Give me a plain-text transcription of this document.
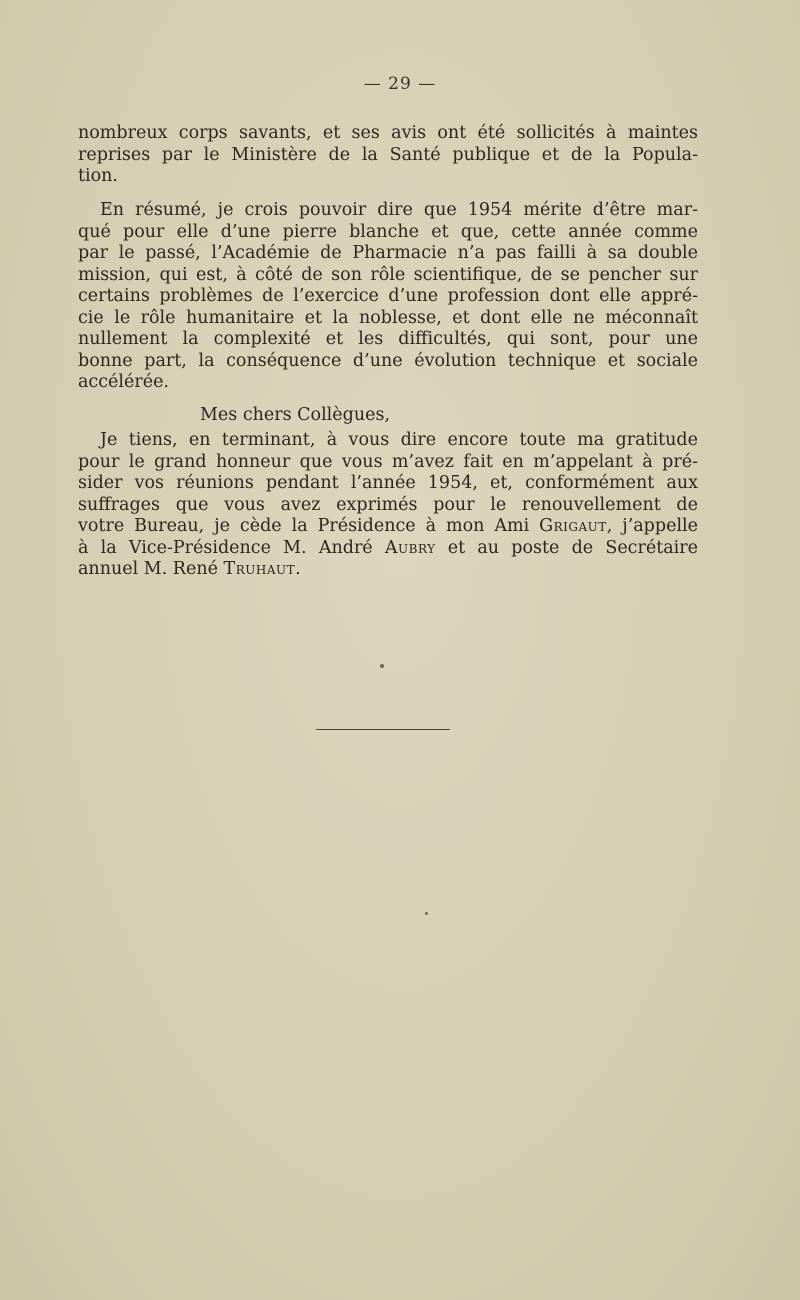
— 29 —
nombreux corps savants, et ses avis ont été sollicités à maintes
reprises par le Ministère de la Santé publique et de la Popula-
tion.
En résumé, je crois pouvoir dire que 1954 mérite d’être mar-
qué pour elle d’une pierre blanche et que, cette année comme
par le passé, l’Académie de Pharmacie n’a pas failli à sa double
mission, qui est, à côté de son rôle scientifique, de se pencher sur
certains problèmes de l’exercice d’une profession dont elle appré-
cie le rôle humanitaire et la noblesse, et dont elle ne méconnaît
nullement la complexité et les difficultés, qui sont, pour une
bonne part, la conséquence d’une évolution technique et sociale
accélérée.
Mes chers Collègues,
Je tiens, en terminant, à vous dire encore toute ma gratitude
pour le grand honneur que vous m’avez fait en m’appelant à pré-
sider vos réunions pendant l’année 1954, et, conformément aux
suffrages que vous avez exprimés pour le renouvellement de
votre Bureau, je cède la Présidence à mon Ami Grigaut, j’appelle
à la Vice-Présidence M. André Aubry et au poste de Secrétaire
annuel M. René Truhaut.
